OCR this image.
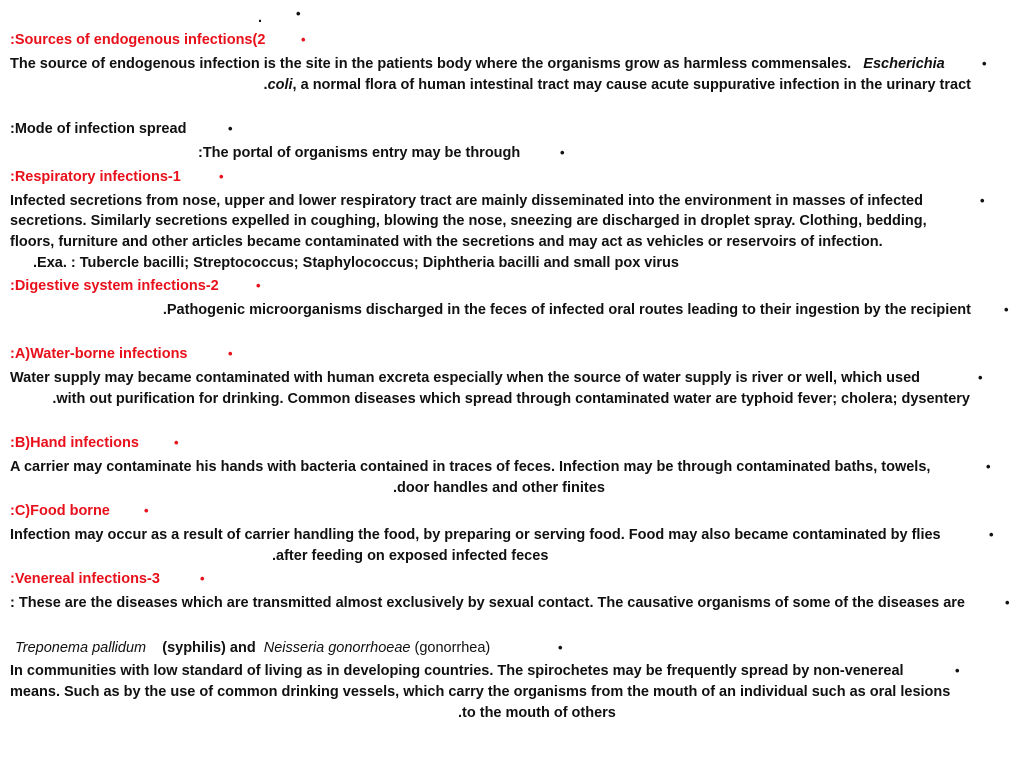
.	•
:Sources of endogenous infections(2	•
The source of endogenous infection is the site in the patients body where the organisms grow as harmless commensales. Escherichia	•
.coli, a normal flora of human intestinal tract may cause acute suppurative infection in the urinary tract
:Mode of infection spread	•
:The portal of organisms entry may be through	•
:Respiratory infections-1	•
Infected secretions from nose, upper and lower respiratory tract are mainly disseminated into the environment in masses of infected	•
secretions. Similarly secretions expelled in coughing, blowing the nose, sneezing are discharged in droplet spray. Clothing, bedding,
floors, furniture and other articles became contaminated with the secretions and may act as vehicles or reservoirs of infection.
.Exa. : Tubercle bacilli; Streptococcus; Staphylococcus; Diphtheria bacilli and small pox virus
:Digestive system infections-2	•
.Pathogenic microorganisms discharged in the feces of infected oral routes leading to their ingestion by the recipient	•
:A)Water-borne infections	•
Water supply may became contaminated with human excreta especially when the source of water supply is river or well, which used	•
.with out purification for drinking. Common diseases which spread through contaminated water are typhoid fever; cholera; dysentery
:B)Hand infections	•
A carrier may contaminate his hands with bacteria contained in traces of feces. Infection may be through contaminated baths, towels,	•
.door handles and other finites
:C)Food borne	•
Infection may occur as a result of carrier handling the food, by preparing or serving food. Food may also became contaminated by flies	•
.after feeding on exposed infected feces
:Venereal infections-3	•
: These are the diseases which are transmitted almost exclusively by sexual contact. The causative organisms of some of the diseases are	•
Treponema pallidum (syphilis) and Neisseria gonorrhoeae (gonorrhea)	•
In communities with low standard of living as in developing countries. The spirochetes may be frequently spread by non-venereal	•
means. Such as by the use of common drinking vessels, which carry the organisms from the mouth of an individual such as oral lesions
.to the mouth of others
